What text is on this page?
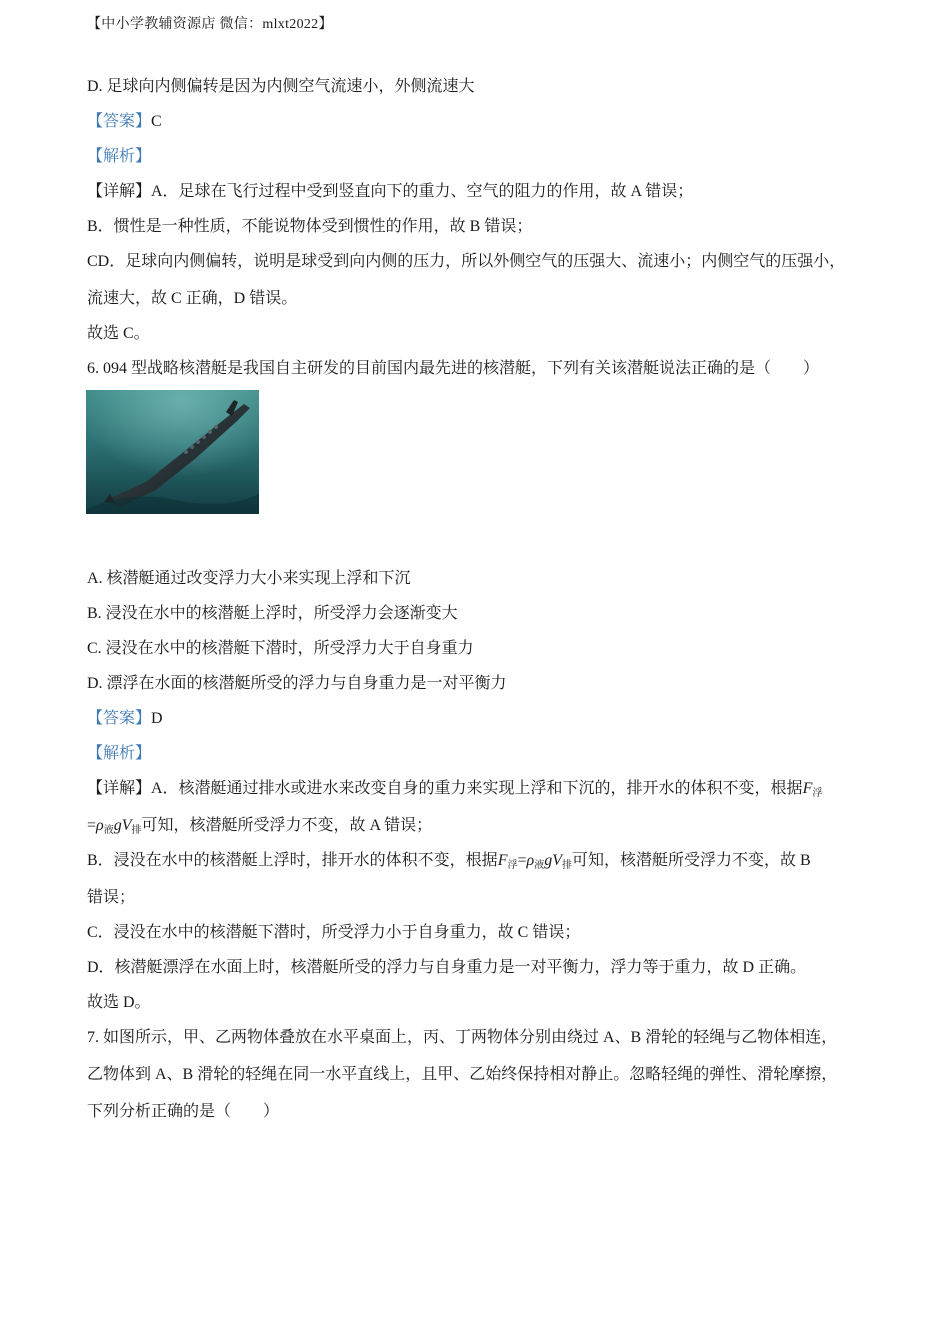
【中小学教辅资源店 微信：mlxt2022】
D. 足球向内侧偏转是因为内侧空气流速小，外侧流速大
【答案】C
【解析】
【详解】A．足球在飞行过程中受到竖直向下的重力、空气的阻力的作用，故 A 错误；
B．惯性是一种性质，不能说物体受到惯性的作用，故 B 错误；
CD．足球向内侧偏转，说明是球受到向内侧的压力，所以外侧空气的压强大、流速小；内侧空气的压强小，
流速大，故 C 正确，D 错误。
故选 C。
6. 094 型战略核潜艇是我国自主研发的目前国内最先进的核潜艇，下列有关该潜艇说法正确的是（　　）
A. 核潜艇通过改变浮力大小来实现上浮和下沉
B. 浸没在水中的核潜艇上浮时，所受浮力会逐渐变大
C. 浸没在水中的核潜艇下潜时，所受浮力大于自身重力
D. 漂浮在水面的核潜艇所受的浮力与自身重力是一对平衡力
【答案】D
【解析】
【详解】A．核潜艇通过排水或进水来改变自身的重力来实现上浮和下沉的，排开水的体积不变，根据$F_浮$
$=\rho_液gV_排$可知，核潜艇所受浮力不变，故 A 错误；
B．浸没在水中的核潜艇上浮时，排开水的体积不变，根据$F_浮=\rho_液gV_排$可知，核潜艇所受浮力不变，故 B
错误；
C．浸没在水中的核潜艇下潜时，所受浮力小于自身重力，故 C 错误；
D．核潜艇漂浮在水面上时，核潜艇所受的浮力与自身重力是一对平衡力，浮力等于重力，故 D 正确。
故选 D。
7. 如图所示，甲、乙两物体叠放在水平桌面上，丙、丁两物体分别由绕过 A、B 滑轮的轻绳与乙物体相连，
乙物体到 A、B 滑轮的轻绳在同一水平直线上，且甲、乙始终保持相对静止。忽略轻绳的弹性、滑轮摩擦，
下列分析正确的是（　　）
